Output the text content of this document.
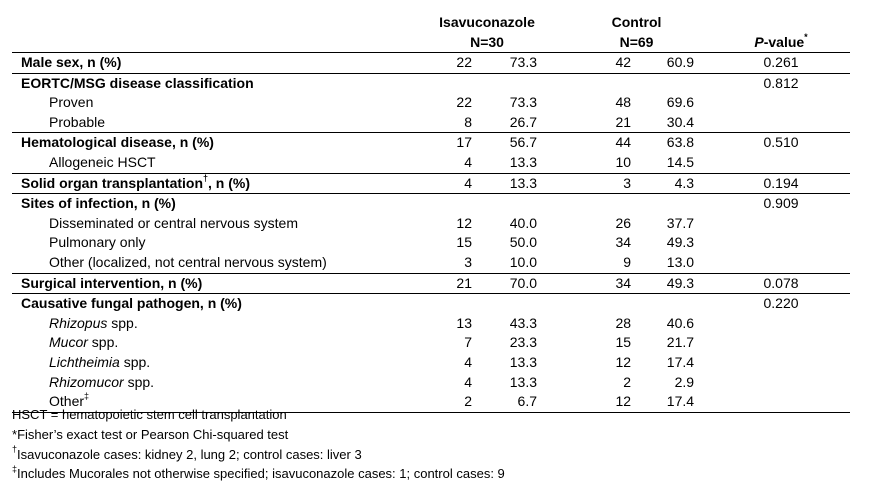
	Isavuconazole		Control		
	N=30		N=69		P-value*
Male sex, n (%)	22	73.3	42	60.9	0.261
EORTC/MSG disease classification					0.812
Proven	22	73.3	48	69.6	
Probable	8	26.7	21	30.4	
Hematological disease, n (%)	17	56.7	44	63.8	0.510
Allogeneic HSCT	4	13.3	10	14.5	
Solid organ transplantation†, n (%)	4	13.3	3	4.3	0.194
Sites of infection, n (%)					0.909
Disseminated or central nervous system	12	40.0	26	37.7	
Pulmonary only	15	50.0	34	49.3	
Other (localized, not central nervous system)	3	10.0	9	13.0	
Surgical intervention, n (%)	21	70.0	34	49.3	0.078
Causative fungal pathogen, n (%)					0.220
Rhizopus spp.	13	43.3	28	40.6	
Mucor spp.	7	23.3	15	21.7	
Lichtheimia spp.	4	13.3	12	17.4	
Rhizomucor spp.	4	13.3	2	2.9	
Other‡	2	6.7	12	17.4	
HSCT = hematopoietic stem cell transplantation
*Fisher’s exact test or Pearson Chi-squared test
†Isavuconazole cases: kidney 2, lung 2; control cases: liver 3
‡Includes Mucorales not otherwise specified; isavuconazole cases: 1; control cases: 9
